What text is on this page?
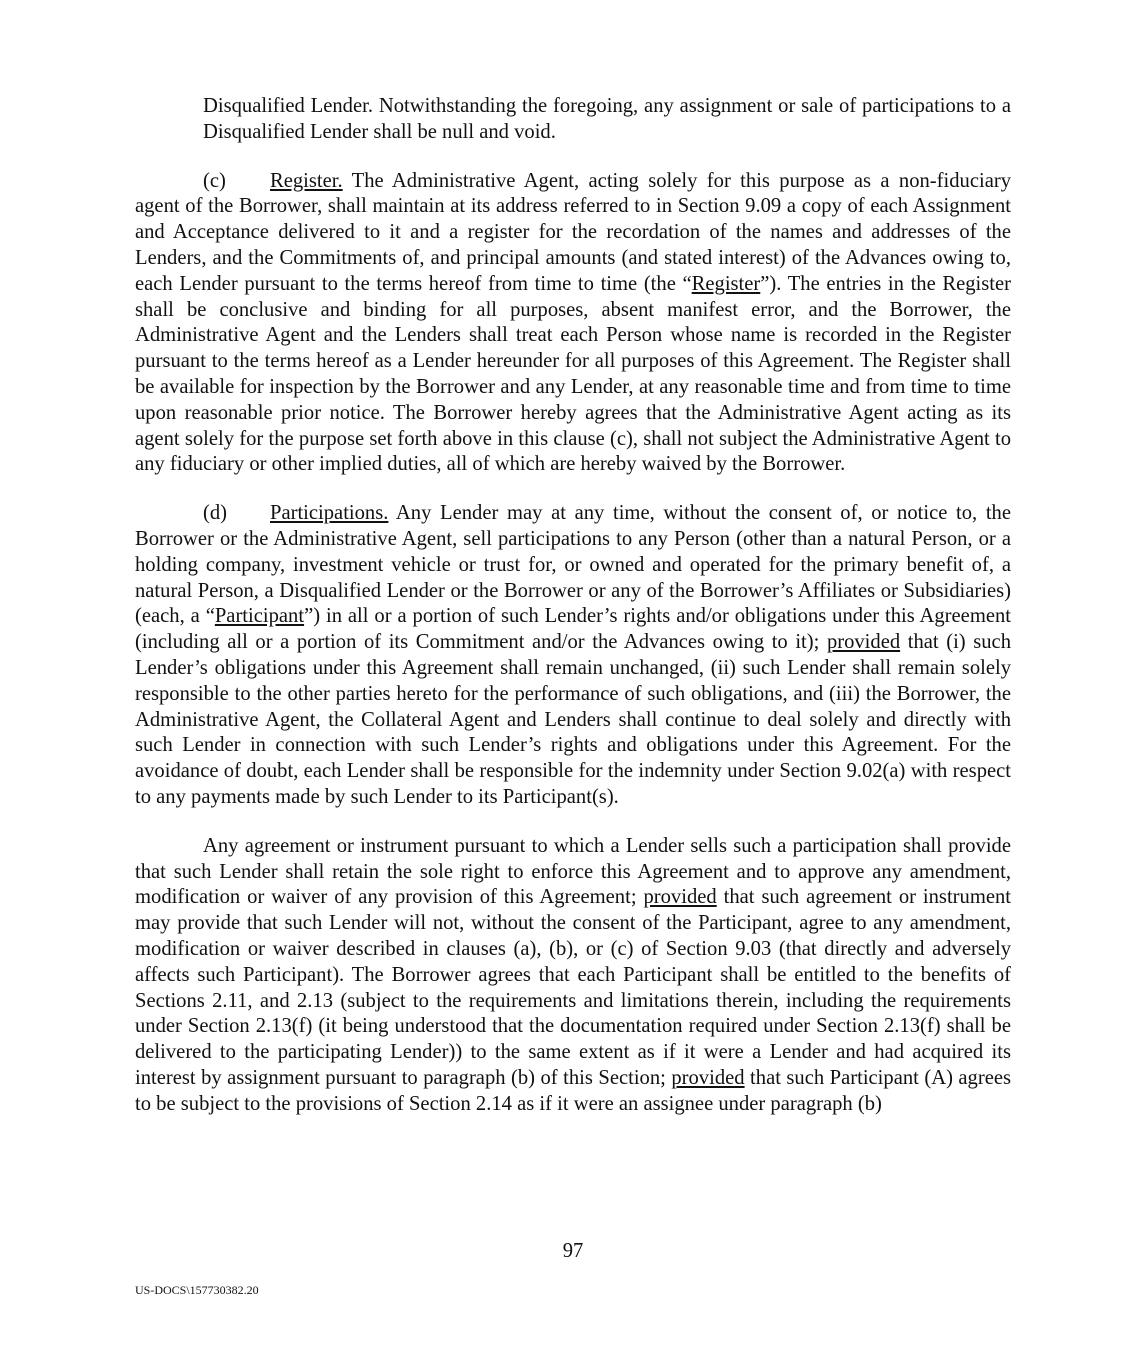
Disqualified Lender. Notwithstanding the foregoing, any assignment or sale of participations to a Disqualified Lender shall be null and void.

(c) Register. The Administrative Agent, acting solely for this purpose as a non-fiduciary agent of the Borrower, shall maintain at its address referred to in Section 9.09 a copy of each Assignment and Acceptance delivered to it and a register for the recordation of the names and addresses of the Lenders, and the Commitments of, and principal amounts (and stated interest) of the Advances owing to, each Lender pursuant to the terms hereof from time to time (the “Register”). The entries in the Register shall be conclusive and binding for all purposes, absent manifest error, and the Borrower, the Administrative Agent and the Lenders shall treat each Person whose name is recorded in the Register pursuant to the terms hereof as a Lender hereunder for all purposes of this Agreement. The Register shall be available for inspection by the Borrower and any Lender, at any reasonable time and from time to time upon reasonable prior notice. The Borrower hereby agrees that the Administrative Agent acting as its agent solely for the purpose set forth above in this clause (c), shall not subject the Administrative Agent to any fiduciary or other implied duties, all of which are hereby waived by the Borrower.

(d) Participations. Any Lender may at any time, without the consent of, or notice to, the Borrower or the Administrative Agent, sell participations to any Person (other than a natural Person, or a holding company, investment vehicle or trust for, or owned and operated for the primary benefit of, a natural Person, a Disqualified Lender or the Borrower or any of the Borrower’s Affiliates or Subsidiaries) (each, a “Participant”) in all or a portion of such Lender’s rights and/or obligations under this Agreement (including all or a portion of its Commitment and/or the Advances owing to it); provided that (i) such Lender’s obligations under this Agreement shall remain unchanged, (ii) such Lender shall remain solely responsible to the other parties hereto for the performance of such obligations, and (iii) the Borrower, the Administrative Agent, the Collateral Agent and Lenders shall continue to deal solely and directly with such Lender in connection with such Lender’s rights and obligations under this Agreement. For the avoidance of doubt, each Lender shall be responsible for the indemnity under Section 9.02(a) with respect to any payments made by such Lender to its Participant(s).

Any agreement or instrument pursuant to which a Lender sells such a participation shall provide that such Lender shall retain the sole right to enforce this Agreement and to approve any amendment, modification or waiver of any provision of this Agreement; provided that such agreement or instrument may provide that such Lender will not, without the consent of the Participant, agree to any amendment, modification or waiver described in clauses (a), (b), or (c) of Section 9.03 (that directly and adversely affects such Participant). The Borrower agrees that each Participant shall be entitled to the benefits of Sections 2.11, and 2.13 (subject to the requirements and limitations therein, including the requirements under Section 2.13(f) (it being understood that the documentation required under Section 2.13(f) shall be delivered to the participating Lender)) to the same extent as if it were a Lender and had acquired its interest by assignment pursuant to paragraph (b) of this Section; provided that such Participant (A) agrees to be subject to the provisions of Section 2.14 as if it were an assignee under paragraph (b)

97
US-DOCS\157730382.20
